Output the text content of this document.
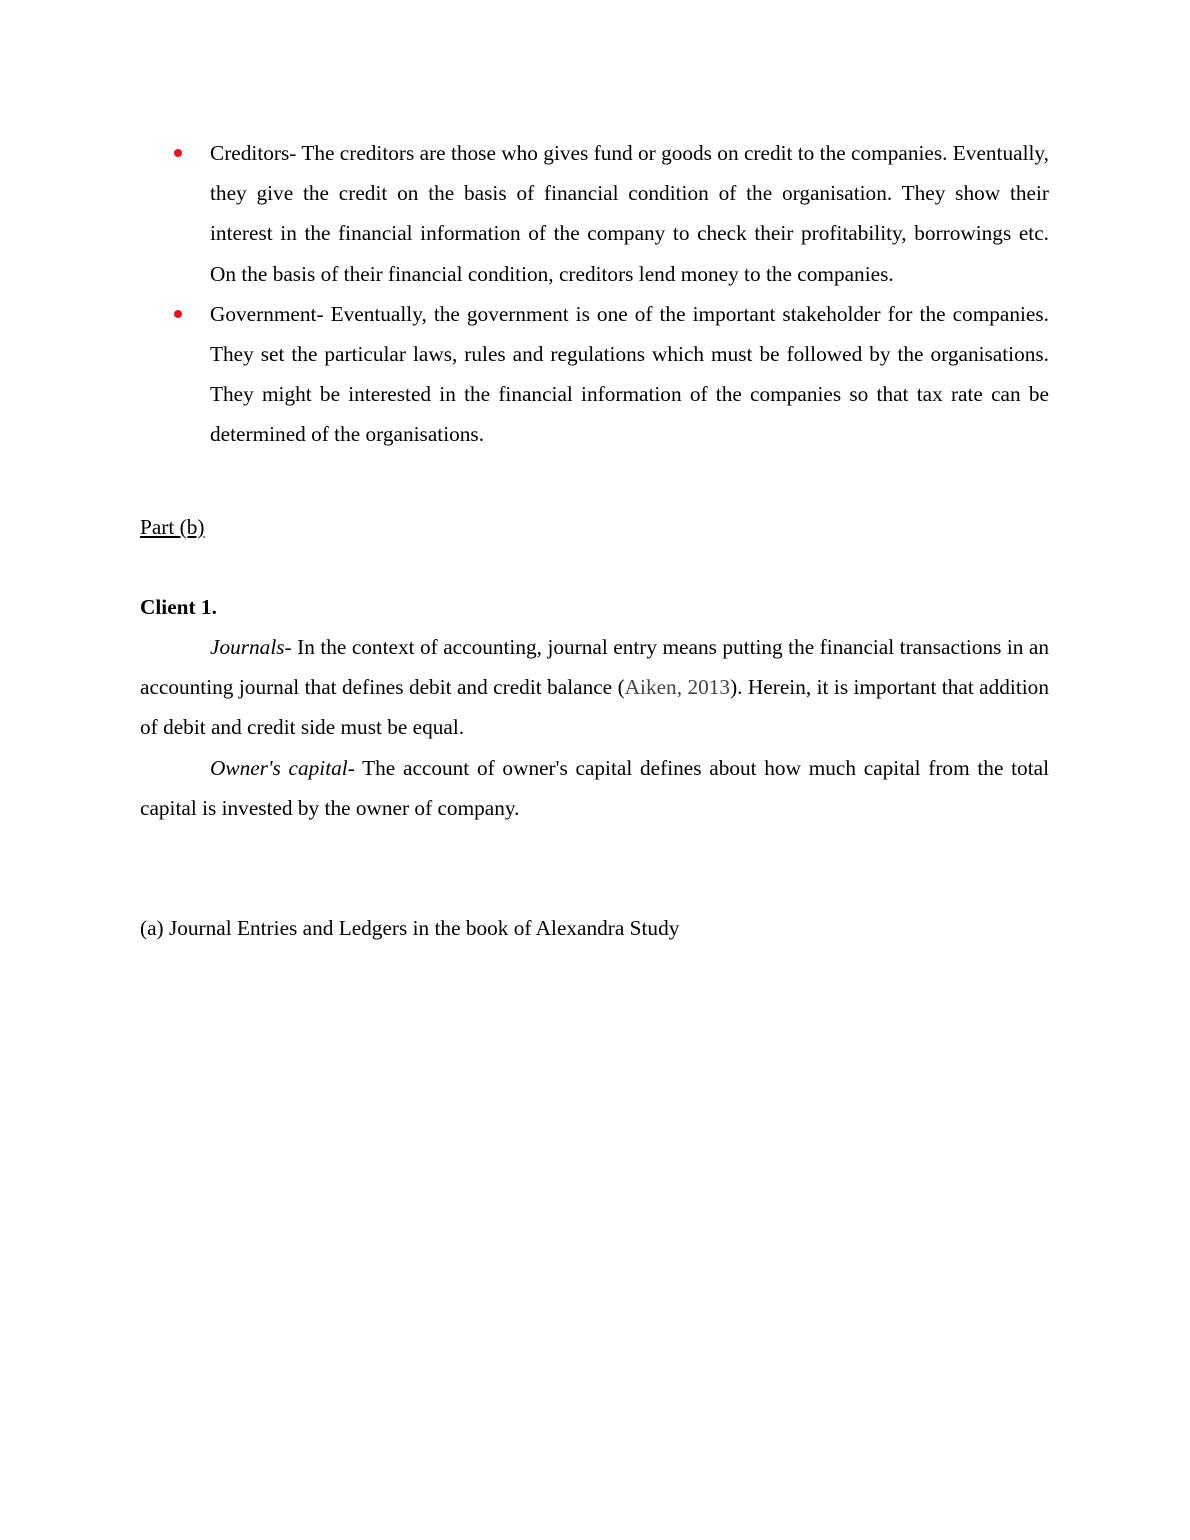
Creditors- The creditors are those who gives fund or goods on credit to the companies. Eventually, they give the credit on the basis of financial condition of the organisation. They show their interest in the financial information of the company to check their profitability, borrowings etc. On the basis of their financial condition, creditors lend money to the companies.
Government- Eventually, the government is one of the important stakeholder for the companies. They set the particular laws, rules and regulations which must be followed by the organisations. They might be interested in the financial information of the companies so that tax rate can be determined of the organisations.
Part (b)
Client 1.

Journals- In the context of accounting, journal entry means putting the financial transactions in an accounting journal that defines debit and credit balance (Aiken, 2013). Herein, it is important that addition of debit and credit side must be equal.

Owner's capital- The account of owner's capital defines about how much capital from the total capital is invested by the owner of company.

(a) Journal Entries and Ledgers in the book of Alexandra Study
